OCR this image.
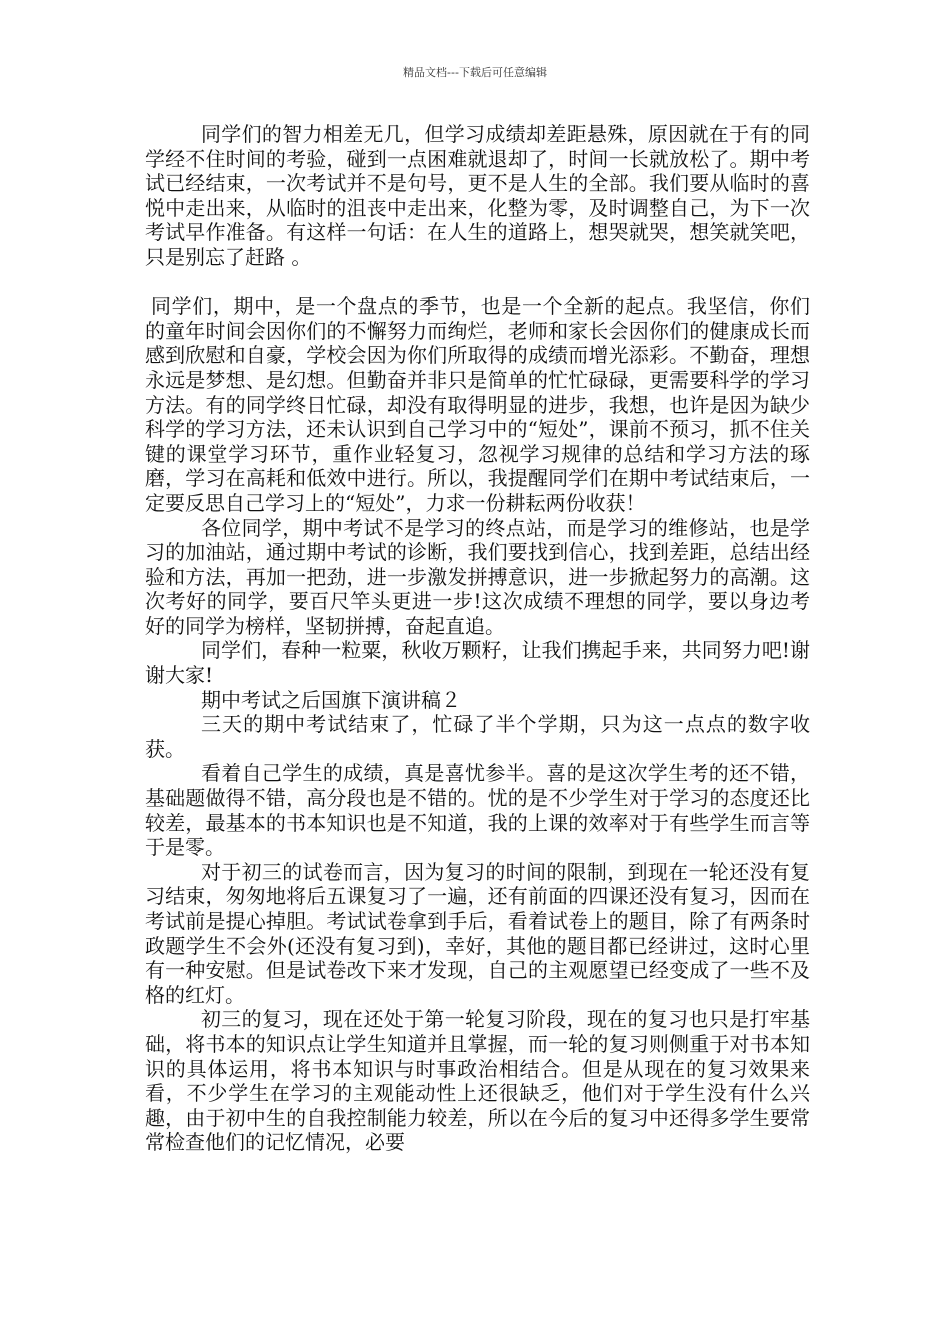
精品文档---下载后可任意编辑

同学们的智力相差无几，但学习成绩却差距悬殊，原因就在于有的同学经不住时间的考验，碰到一点困难就退却了，时间一长就放松了。期中考试已经结束，一次考试并不是句号，更不是人生的全部。我们要从临时的喜悦中走出来，从临时的沮丧中走出来，化整为零，及时调整自己，为下一次考试早作准备。有这样一句话：在人生的道路上，想哭就哭，想笑就笑吧，只是别忘了赶路 。

同学们，期中，是一个盘点的季节，也是一个全新的起点。我坚信，你们的童年时间会因你们的不懈努力而绚烂，老师和家长会因你们的健康成长而感到欣慰和自豪，学校会因为你们所取得的成绩而增光添彩。不勤奋，理想永远是梦想、是幻想。但勤奋并非只是简单的忙忙碌碌，更需要科学的学习方法。有的同学终日忙碌，却没有取得明显的进步，我想，也许是因为缺少科学的学习方法，还未认识到自己学习中的“短处”，课前不预习，抓不住关键的课堂学习环节，重作业轻复习，忽视学习规律的总结和学习方法的琢磨，学习在高耗和低效中进行。所以，我提醒同学们在期中考试结束后，一定要反思自己学习上的“短处”，力求一份耕耘两份收获！

各位同学，期中考试不是学习的终点站，而是学习的维修站，也是学习的加油站，通过期中考试的诊断，我们要找到信心，找到差距，总结出经验和方法，再加一把劲，进一步激发拼搏意识，进一步掀起努力的高潮。这次考好的同学，要百尺竿头更进一步!这次成绩不理想的同学，要以身边考好的同学为榜样，坚韧拼搏，奋起直追。

同学们，春种一粒粟，秋收万颗籽，让我们携起手来，共同努力吧!谢谢大家!

期中考试之后国旗下演讲稿２

三天的期中考试结束了，忙碌了半个学期，只为这一点点的数字收获。

看着自己学生的成绩，真是喜忧参半。喜的是这次学生考的还不错，基础题做得不错，高分段也是不错的。忧的是不少学生对于学习的态度还比较差，最基本的书本知识也是不知道，我的上课的效率对于有些学生而言等于是零。

对于初三的试卷而言，因为复习的时间的限制，到现在一轮还没有复习结束，匆匆地将后五课复习了一遍，还有前面的四课还没有复习，因而在考试前是提心掉胆。考试试卷拿到手后，看着试卷上的题目，除了有两条时政题学生不会外(还没有复习到)，幸好，其他的题目都已经讲过，这时心里有一种安慰。但是试卷改下来才发现，自己的主观愿望已经变成了一些不及格的红灯。

初三的复习，现在还处于第一轮复习阶段，现在的复习也只是打牢基础，将书本的知识点让学生知道并且掌握，而一轮的复习则侧重于对书本知识的具体运用，将书本知识与时事政治相结合。但是从现在的复习效果来看，不少学生在学习的主观能动性上还很缺乏，他们对于学生没有什么兴趣，由于初中生的自我控制能力较差，所以在今后的复习中还得多学生要常常检查他们的记忆情况，必要
